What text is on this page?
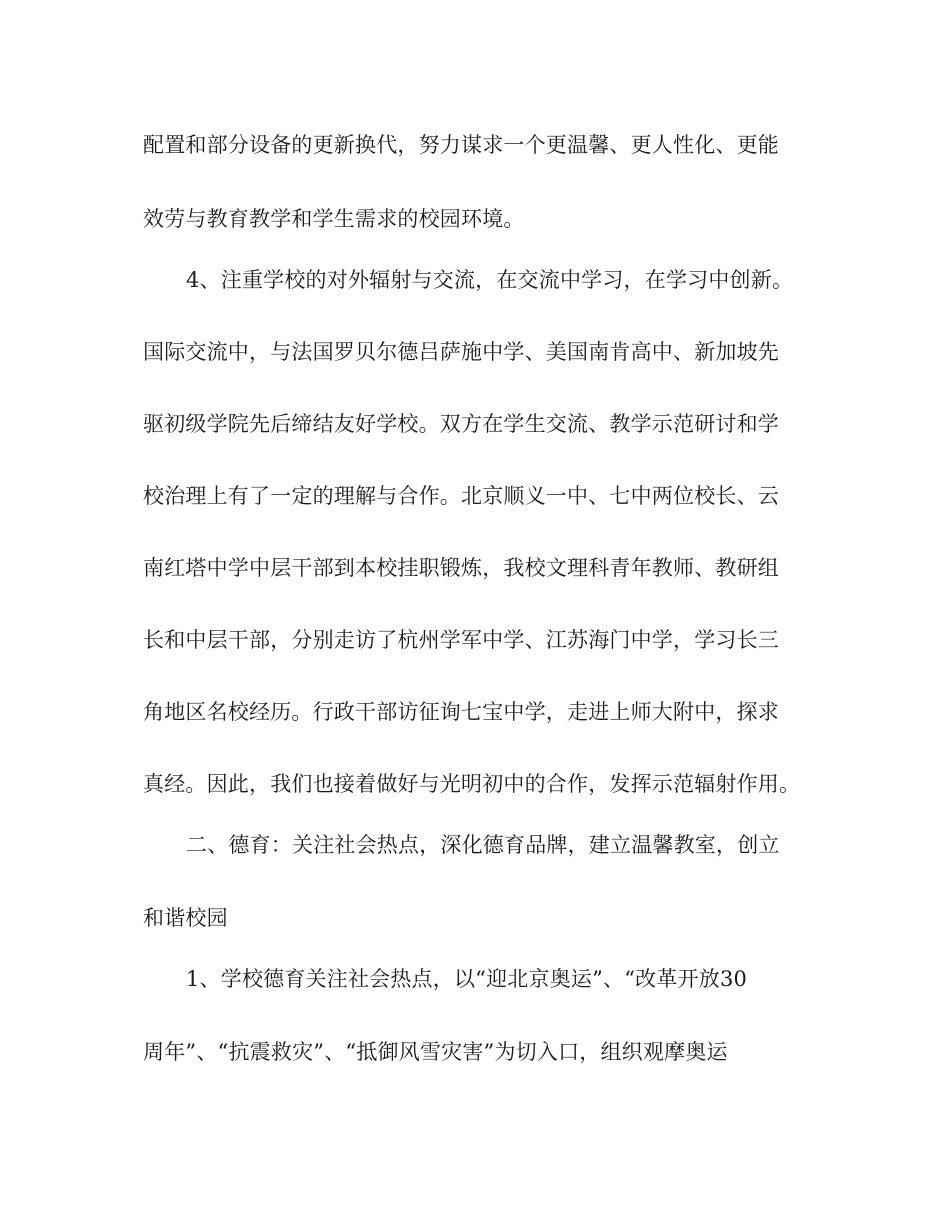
配置和部分设备的更新换代，努力谋求一个更温馨、更人性化、更能
效劳与教育教学和学生需求的校园环境。
4、注重学校的对外辐射与交流，在交流中学习，在学习中创新。
国际交流中，与法国罗贝尔德吕萨施中学、美国南肯高中、新加坡先
驱初级学院先后缔结友好学校。双方在学生交流、教学示范研讨和学
校治理上有了一定的理解与合作。北京顺义一中、七中两位校长、云
南红塔中学中层干部到本校挂职锻炼，我校文理科青年教师、教研组
长和中层干部，分别走访了杭州学军中学、江苏海门中学，学习长三
角地区名校经历。行政干部访征询七宝中学，走进上师大附中，探求
真经。因此，我们也接着做好与光明初中的合作，发挥示范辐射作用。
二、德育：关注社会热点，深化德育品牌，建立温馨教室，创立
和谐校园
1、学校德育关注社会热点，以“迎北京奥运”、“改革开放30
周年”、“抗震救灾”、“抵御风雪灾害”为切入口，组织观摩奥运
